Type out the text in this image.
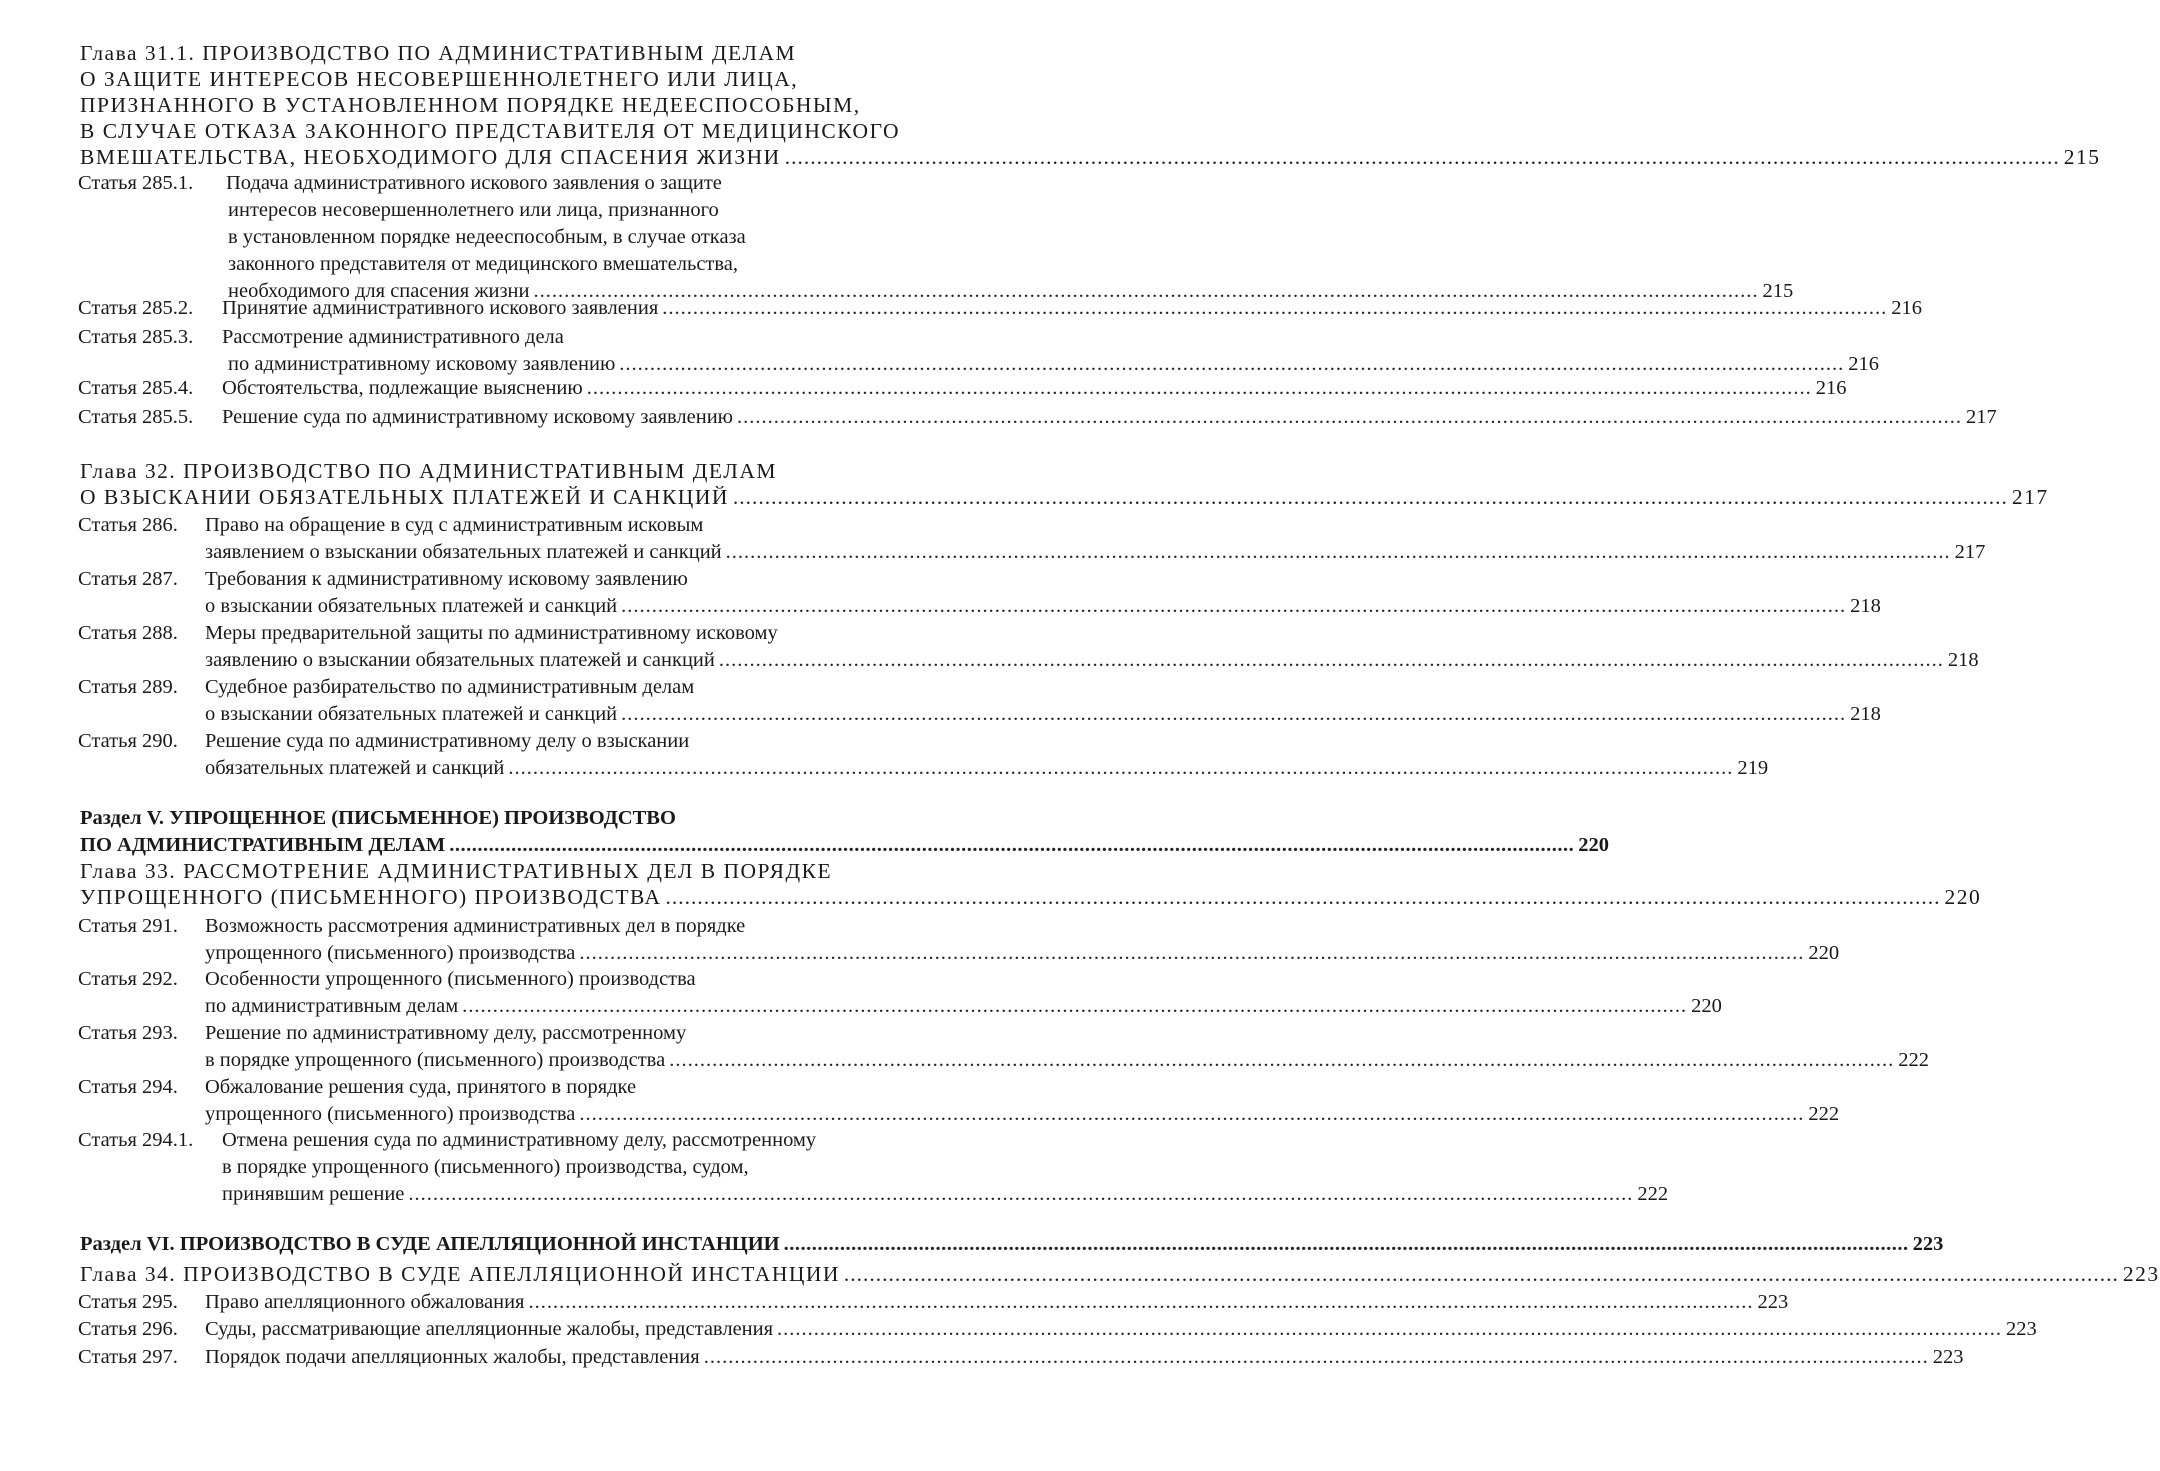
Глава 31.1. ПРОИЗВОДСТВО ПО АДМИНИСТРАТИВНЫМ ДЕЛАМ
О ЗАЩИТЕ ИНТЕРЕСОВ НЕСОВЕРШЕННОЛЕТНЕГО ИЛИ ЛИЦА,
ПРИЗНАННОГО В УСТАНОВЛЕННОМ ПОРЯДКЕ НЕДЕЕСПОСОБНЫМ,
В СЛУЧАЕ ОТКАЗА ЗАКОННОГО ПРЕДСТАВИТЕЛЯ ОТ МЕДИЦИНСКОГО
ВМЕШАТЕЛЬСТВА, НЕОБХОДИМОГО ДЛЯ СПАСЕНИЯ ЖИЗНИ ........................................................................................................................................................................................................ 215
Статья 285.1.	Подача административного искового заявления о защите
интересов несовершеннолетнего или лица, признанного
в установленном порядке недееспособным, в случае отказа
законного представителя от медицинского вмешательства,
необходимого для спасения жизни ........................................................................................................................................................................................................ 215
Статья 285.2.	Принятие административного искового заявления ........................................................................................................................................................................................................ 216
Статья 285.3.	Рассмотрение административного дела
по административному исковому заявлению ........................................................................................................................................................................................................ 216
Статья 285.4.	Обстоятельства, подлежащие выяснению ........................................................................................................................................................................................................ 216
Статья 285.5.	Решение суда по административному исковому заявлению ........................................................................................................................................................................................................ 217
Глава 32. ПРОИЗВОДСТВО ПО АДМИНИСТРАТИВНЫМ ДЕЛАМ
О ВЗЫСКАНИИ ОБЯЗАТЕЛЬНЫХ ПЛАТЕЖЕЙ И САНКЦИЙ ........................................................................................................................................................................................................ 217
Статья 286.	Право на обращение в суд с административным исковым
заявлением о взыскании обязательных платежей и санкций ........................................................................................................................................................................................................ 217
Статья 287.	Требования к административному исковому заявлению
о взыскании обязательных платежей и санкций ........................................................................................................................................................................................................ 218
Статья 288.	Меры предварительной защиты по административному исковому
заявлению о взыскании обязательных платежей и санкций ........................................................................................................................................................................................................ 218
Статья 289.	Судебное разбирательство по административным делам
о взыскании обязательных платежей и санкций ........................................................................................................................................................................................................ 218
Статья 290.	Решение суда по административному делу о взыскании
обязательных платежей и санкций ........................................................................................................................................................................................................ 219
Раздел V. УПРОЩЕННОЕ (ПИСЬМЕННОЕ) ПРОИЗВОДСТВО
ПО АДМИНИСТРАТИВНЫМ ДЕЛАМ ........................................................................................................................................................................................................ 220
Глава 33. РАССМОТРЕНИЕ АДМИНИСТРАТИВНЫХ ДЕЛ В ПОРЯДКЕ
УПРОЩЕННОГО (ПИСЬМЕННОГО) ПРОИЗВОДСТВА ........................................................................................................................................................................................................ 220
Статья 291.	Возможность рассмотрения административных дел в порядке
упрощенного (письменного) производства ........................................................................................................................................................................................................ 220
Статья 292.	Особенности упрощенного (письменного) производства
по административным делам ........................................................................................................................................................................................................ 220
Статья 293.	Решение по административному делу, рассмотренному
в порядке упрощенного (письменного) производства ........................................................................................................................................................................................................ 222
Статья 294.	Обжалование решения суда, принятого в порядке
упрощенного (письменного) производства ........................................................................................................................................................................................................ 222
Статья 294.1.	Отмена решения суда по административному делу, рассмотренному
в порядке упрощенного (письменного) производства, судом,
принявшим решение ........................................................................................................................................................................................................ 222
Раздел VI. ПРОИЗВОДСТВО В СУДЕ АПЕЛЛЯЦИОННОЙ ИНСТАНЦИИ ........................................................................................................................................................................................................ 223
Глава 34. ПРОИЗВОДСТВО В СУДЕ АПЕЛЛЯЦИОННОЙ ИНСТАНЦИИ ........................................................................................................................................................................................................ 223
Статья 295.	Право апелляционного обжалования ........................................................................................................................................................................................................ 223
Статья 296.	Суды, рассматривающие апелляционные жалобы, представления ........................................................................................................................................................................................................ 223
Статья 297.	Порядок подачи апелляционных жалобы, представления ........................................................................................................................................................................................................ 223
